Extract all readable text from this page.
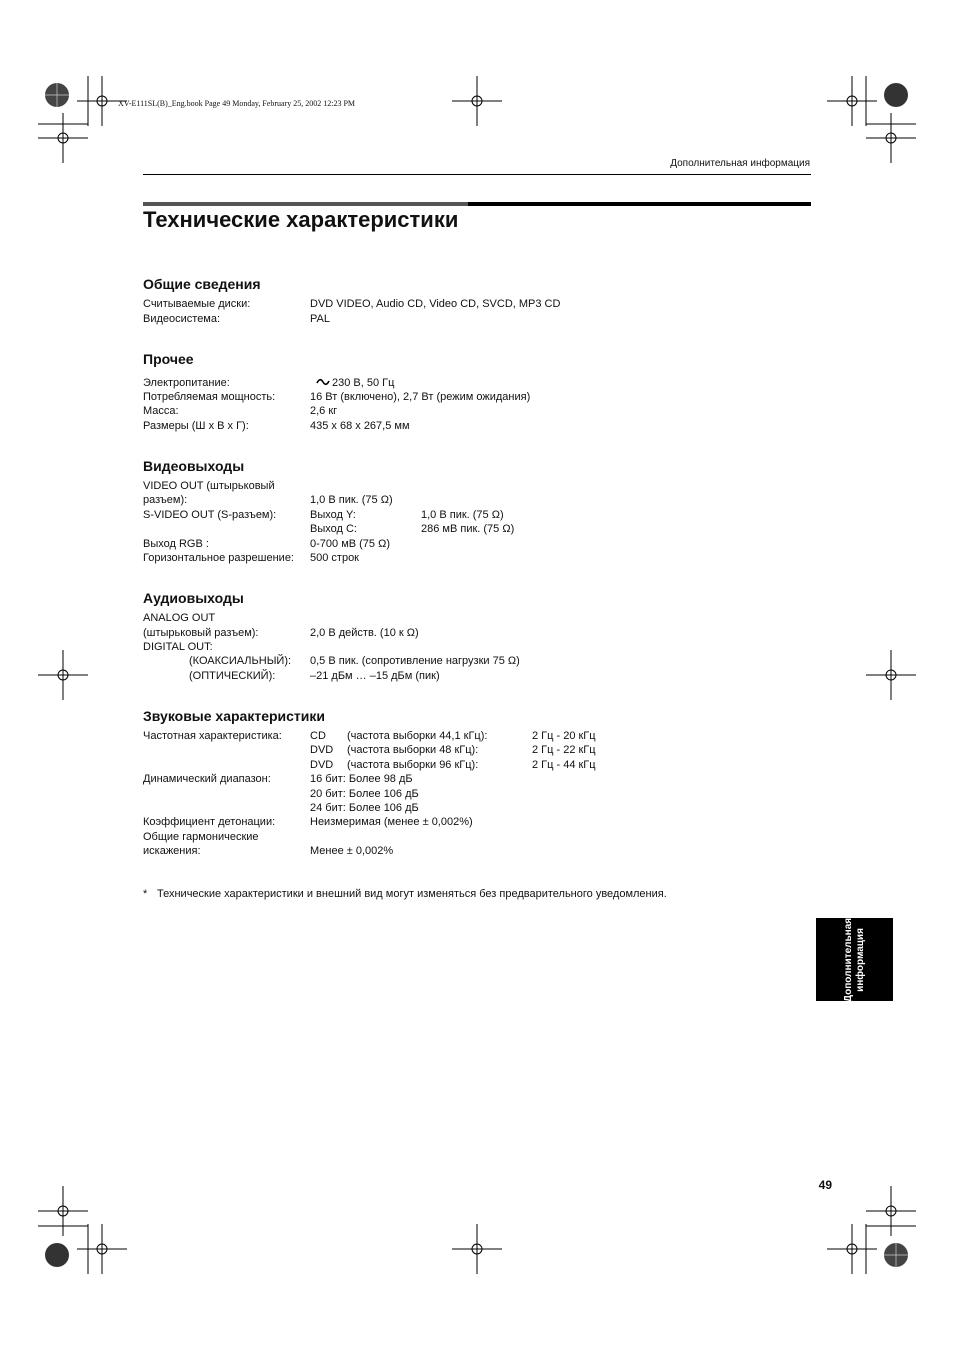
XV-E111SL(B)_Eng.book Page 49 Monday, February 25, 2002 12:23 PM
Дополнительная информация
Технические характеристики
Общие сведения
Считываемые диски:	DVD VIDEO, Audio CD, Video CD, SVCD, MP3 CD
Видеосистема:	PAL
Прочее
Электропитание:	230 В, 50 Гц
Потребляемая мощность:	16 Вт (включено), 2,7 Вт (режим ожидания)
Масса:	2,6 кг
Размеры (Ш x В x Г):	435 x 68 x 267,5 мм
Видеовыходы
VIDEO OUT (штырьковый
разъем):	1,0 В пик. (75 Ω)
S-VIDEO OUT (S-разъем):	Выход Y:	1,0 В пик. (75 Ω)
Выход C:	286 мВ пик. (75 Ω)
Выход RGB :	0-700 мВ (75 Ω)
Горизонтальное разрешение: 500 строк
Аудиовыходы
ANALOG OUT
(штырьковый разъем):	2,0 В действ. (10 к Ω)
DIGITAL OUT:
(КОАКСИАЛЬНЫЙ): 0,5 В пик. (сопротивление нагрузки 75 Ω)
(ОПТИЧЕСКИЙ):	–21 дБм … –15 дБм (пик)
Звуковые характеристики
Частотная характеристика:	CD (частота выборки 44,1 кГц):	2 Гц - 20 кГц
DVD (частота выборки 48 кГц):	2 Гц - 22 кГц
DVD (частота выборки 96 кГц):	2 Гц - 44 кГц
Динамический диапазон:	16 бит: Более 98 дБ
20 бит: Более 106 дБ
24 бит: Более 106 дБ
Коэффициент детонации:	Неизмеримая (менее ± 0,002%)
Общие гармонические
искажения:	Менее ± 0,002%
* Технические характеристики и внешний вид могут изменяться без предварительного уведомления.
Дополнительная информация
49
